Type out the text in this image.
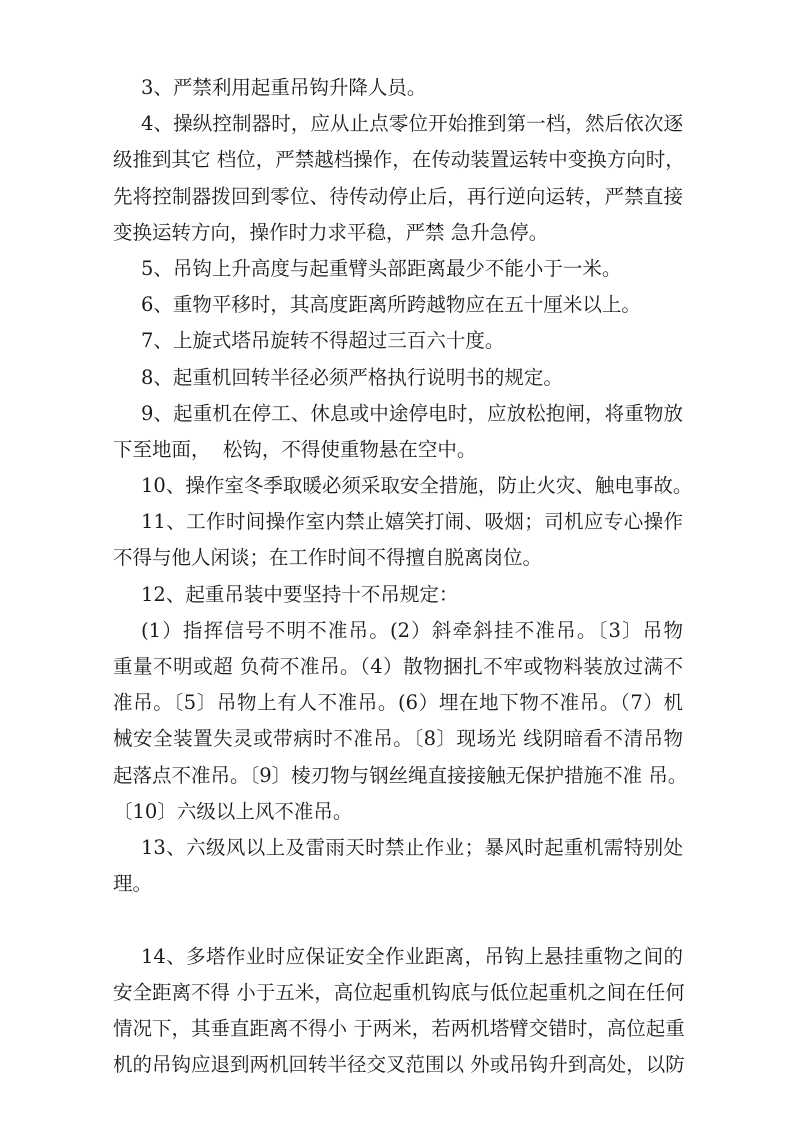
3、严禁利用起重吊钩升降人员。
4、操纵控制器时，应从止点零位开始推到第一档，然后依次逐
级推到其它 档位，严禁越档操作，在传动装置运转中变换方向时，
先将控制器拨回到零位、待传动停止后，再行逆向运转，严禁直接
变换运转方向，操作时力求平稳，严禁 急升急停。
5、吊钩上升高度与起重臂头部距离最少不能小于一米。
6、重物平移时，其高度距离所跨越物应在五十厘米以上。
7、上旋式塔吊旋转不得超过三百六十度。
8、起重机回转半径必须严格执行说明书的规定。
9、起重机在停工、休息或中途停电时，应放松抱闸，将重物放
下至地面，  松钩，不得使重物悬在空中。
10、操作室冬季取暖必须采取安全措施，防止火灾、触电事故。
11、工作时间操作室内禁止嬉笑打闹、吸烟；司机应专心操作
不得与他人闲谈；在工作时间不得擅自脱离岗位。
12、起重吊装中要坚持十不吊规定：
(1）指挥信号不明不准吊。(2）斜牵斜挂不准吊。〔3〕吊物
重量不明或超 负荷不准吊。（4）散物捆扎不牢或物料装放过满不
准吊。〔5〕吊物上有人不准吊。(6）埋在地下物不准吊。（7）机
械安全装置失灵或带病时不准吊。〔8〕现场光 线阴暗看不清吊物
起落点不准吊。〔9〕棱刃物与钢丝绳直接接触无保护措施不准 吊。
〔10〕六级以上风不准吊。
13、六级风以上及雷雨天时禁止作业；暴风时起重机需特别处
理。
14、多塔作业时应保证安全作业距离，吊钩上悬挂重物之间的
安全距离不得 小于五米，高位起重机钩底与低位起重机之间在任何
情况下，其垂直距离不得小 于两米，若两机塔臂交错时，高位起重
机的吊钩应退到两机回转半径交叉范围以 外或吊钩升到高处，以防
